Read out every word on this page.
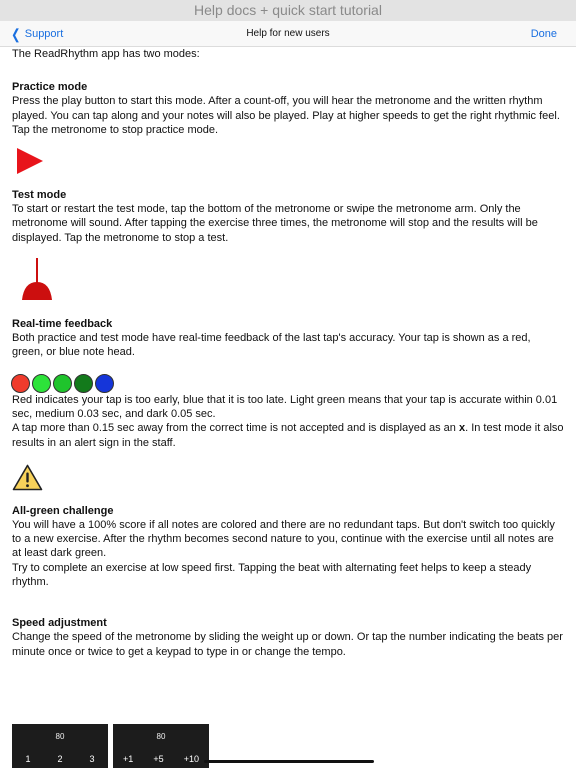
Help docs + quick start tutorial
❮ Support	Help for new users	Done

The ReadRhythm app has two modes:

Practice mode

Press the play button to start this mode. After a count-off, you will hear the metronome and the written rhythm played. You can tap along and your notes will also be played. Play at higher speeds to get the right rhythmic feel. Tap the metronome to stop practice mode.

Test mode

To start or restart the test mode, tap the bottom of the metronome or swipe the metronome arm. Only the metronome will sound. After tapping the exercise three times, the metronome will stop and the results will be displayed. Tap the metronome to stop a test.

Real-time feedback

Both practice and test mode have real-time feedback of the last tap's accuracy. Your tap is shown as a red, green, or blue note head.

Red indicates your tap is too early, blue that it is too late. Light green means that your tap is accurate within 0.01 sec, medium 0.03 sec, and dark 0.05 sec.

A tap more than 0.15 sec away from the correct time is not accepted and is displayed as an x. In test mode it also results in an alert sign in the staff.

All-green challenge

You will have a 100% score if all notes are colored and there are no redundant taps. But don't switch too quickly to a new exercise. After the rhythm becomes second nature to you, continue with the exercise until all notes are at least dark green.

Try to complete an exercise at low speed first. Tapping the beat with alternating feet helps to keep a steady rhythm.

Speed adjustment

Change the speed of the metronome by sliding the weight up or down. Or tap the number indicating the beats per minute once or twice to get a keypad to type in or change the tempo.

80
1	2	3
80
+1 +5 +10
